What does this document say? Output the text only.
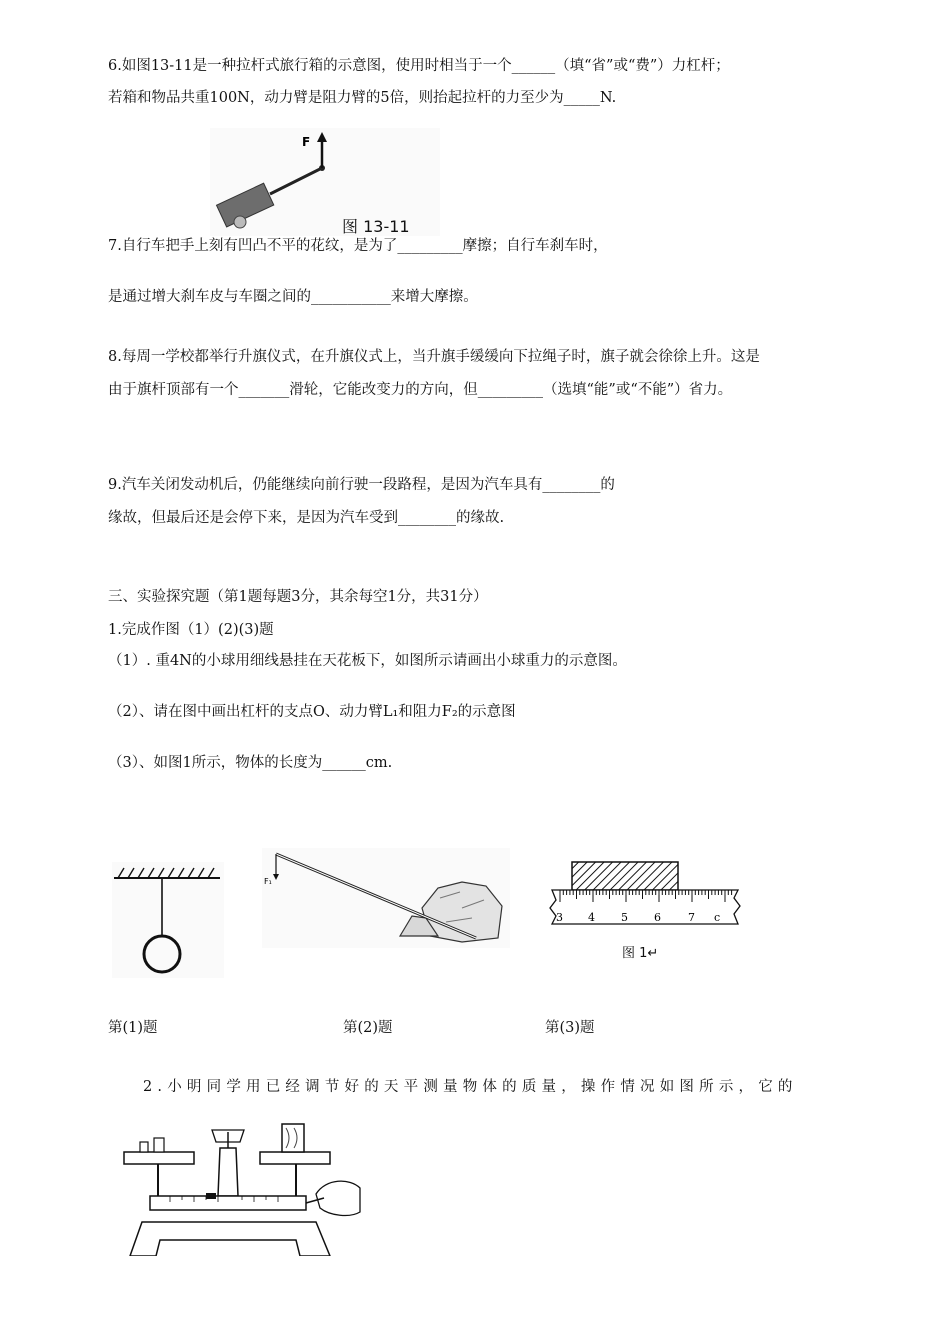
6.如图13-11是一种拉杆式旅行箱的示意图，使用时相当于一个______（填“省”或“费”）力杠杆；
若箱和物品共重100N，动力臂是阻力臂的5倍，则抬起拉杆的力至少为_____N.
F
图 13-11
7.自行车把手上刻有凹凸不平的花纹，是为了_________摩擦；自行车刹车时，
是通过增大刹车皮与车圈之间的___________来增大摩擦。
8.每周一学校都举行升旗仪式，在升旗仪式上，当升旗手缓缓向下拉绳子时，旗子就会徐徐上升。这是
由于旗杆顶部有一个_______滑轮，它能改变力的方向，但_________（选填“能”或“不能”）省力。
9.汽车关闭发动机后，仍能继续向前行驶一段路程，是因为汽车具有________的
缘故，但最后还是会停下来，是因为汽车受到________的缘故.
三、实验探究题（第1题每题3分，其余每空1分，共31分）
1.完成作图（1）(2)(3)题
（1）. 重4N的小球用细线悬挂在天花板下，如图所示请画出小球重力的示意图。
（2）、请在图中画出杠杆的支点O、动力臂L₁和阻力F₂的示意图
（3）、如图1所示，物体的长度为______cm.
F₁
3 4 5 6 7 c
图 1↵
第(1)题	第(2)题	第(3)题
2.小明同学用已经调节好的天平测量物体的质量，操作情况如图所示，它的
